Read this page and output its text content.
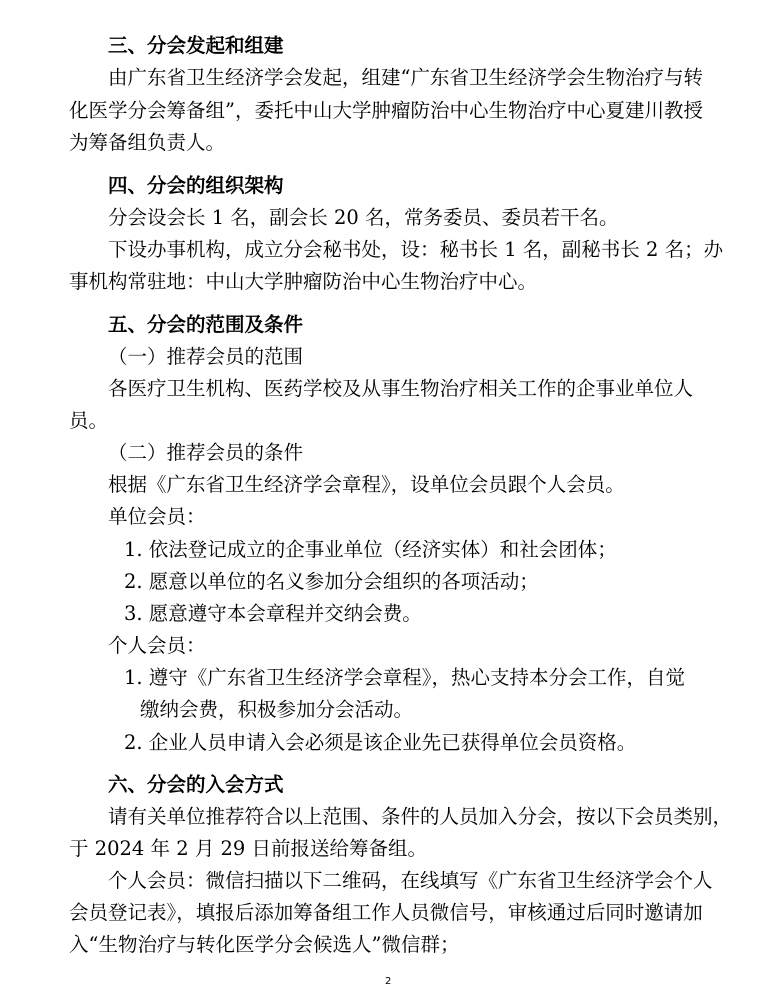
三、分会发起和组建
由广东省卫生经济学会发起，组建“广东省卫生经济学会生物治疗与转
化医学分会筹备组”，委托中山大学肿瘤防治中心生物治疗中心夏建川教授
为筹备组负责人。
四、分会的组织架构
分会设会长 1 名，副会长 20 名，常务委员、委员若干名。
下设办事机构，成立分会秘书处，设：秘书长 1 名，副秘书长 2 名；办
事机构常驻地：中山大学肿瘤防治中心生物治疗中心。
五、分会的范围及条件
（一）推荐会员的范围
各医疗卫生机构、医药学校及从事生物治疗相关工作的企事业单位人
员。
（二）推荐会员的条件
根据《广东省卫生经济学会章程》，设单位会员跟个人会员。
单位会员：
1. 依法登记成立的企事业单位（经济实体）和社会团体；
2. 愿意以单位的名义参加分会组织的各项活动；
3. 愿意遵守本会章程并交纳会费。
个人会员：
1. 遵守《广东省卫生经济学会章程》，热心支持本分会工作，自觉
缴纳会费，积极参加分会活动。
2. 企业人员申请入会必须是该企业先已获得单位会员资格。
六、分会的入会方式
请有关单位推荐符合以上范围、条件的人员加入分会，按以下会员类别，
于 2024 年 2 月 29 日前报送给筹备组。
个人会员：微信扫描以下二维码，在线填写《广东省卫生经济学会个人
会员登记表》，填报后添加筹备组工作人员微信号，审核通过后同时邀请加
入“生物治疗与转化医学分会候选人”微信群；
2
